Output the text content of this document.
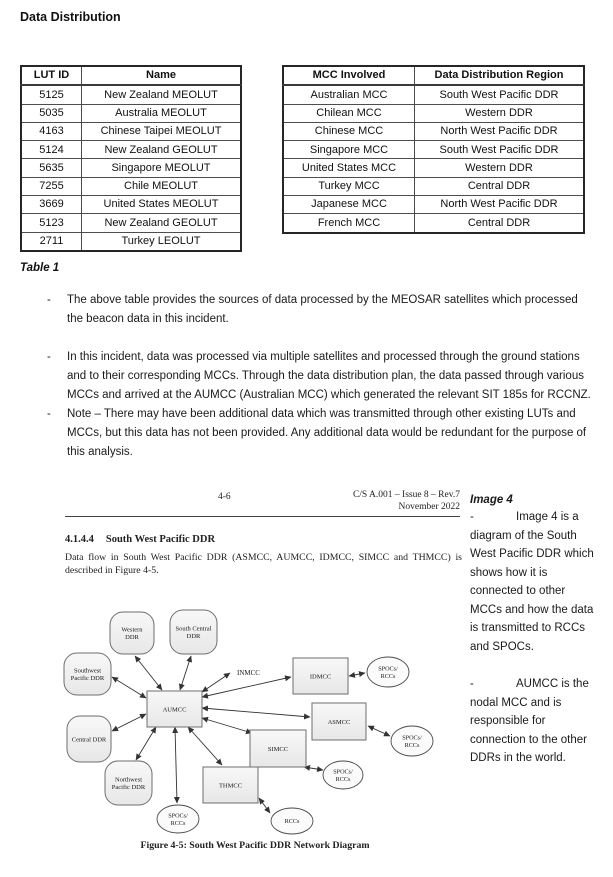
Data Distribution
LUT ID	Name
5125	New Zealand MEOLUT
5035	Australia MEOLUT
4163	Chinese Taipei MEOLUT
5124	New Zealand GEOLUT
5635	Singapore MEOLUT
7255	Chile MEOLUT
3669	United States MEOLUT
5123	New Zealand GEOLUT
2711	Turkey LEOLUT
Table 1
MCC Involved	Data Distribution Region
Australian MCC	South West Pacific DDR
Chilean MCC	Western DDR
Chinese MCC	North West Pacific DDR
Singapore MCC	South West Pacific DDR
United States MCC	Western DDR
Turkey MCC	Central DDR
Japanese MCC	North West Pacific DDR
French MCC	Central DDR
-	The above table provides the sources of data processed by the MEOSAR satellites which processed the beacon data in this incident.
-	In this incident, data was processed via multiple satellites and processed through the ground stations and to their corresponding MCCs. Through the data distribution plan, the data passed through various MCCs and arrived at the AUMCC (Australian MCC) which generated the relevant SIT 185s for RCCNZ.
-	Note – There may have been additional data which was transmitted through other existing LUTs and MCCs, but this data has not been provided. Any additional data would be redundant for the purpose of this analysis.
4-6	C/S A.001 – Issue 8 – Rev.7
November 2022
4.1.4.4 South West Pacific DDR
Data flow in South West Pacific DDR (ASMCC, AUMCC, IDMCC, SIMCC and THMCC) is described in Figure 4-5.
Western DDR
South Central DDR
Southwest Pacific DDR
Central DDR
Northwest Pacific DDR
AUMCC
INMCC	IDMCC
ASMCC
SIMCC
THMCC
SPOCs/ RCCs
SPOCs/ RCCs
SPOCs/ RCCs
RCCs
SPOCs/ RCCs
Figure 4-5: South West Pacific DDR Network Diagram
Image 4
-	Image 4 is a diagram of the South West Pacific DDR which shows how it is connected to other MCCs and how the data is transmitted to RCCs and SPOCs.
-	AUMCC is the nodal MCC and is responsible for connection to the other DDRs in the world.
